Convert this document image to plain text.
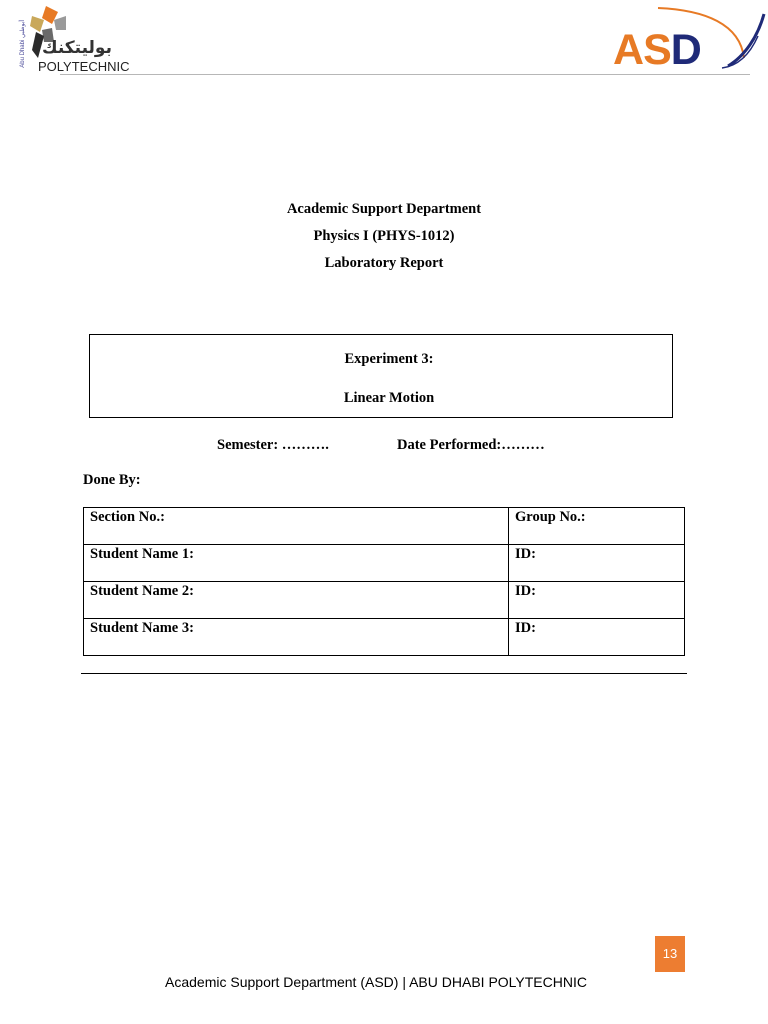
Abu Dhabi أبوظبي
بوليتكنك
POLYTECHNIC	ASD
Academic Support Department
Physics I (PHYS-1012)
Laboratory Report
Experiment 3:
Linear Motion
Semester: ……….	Date Performed:………
Done By:
Section No.:	Group No.:
Student Name 1:	ID:
Student Name 2:	ID:
Student Name 3:	ID:
13
Academic Support Department (ASD) | ABU DHABI POLYTECHNIC
